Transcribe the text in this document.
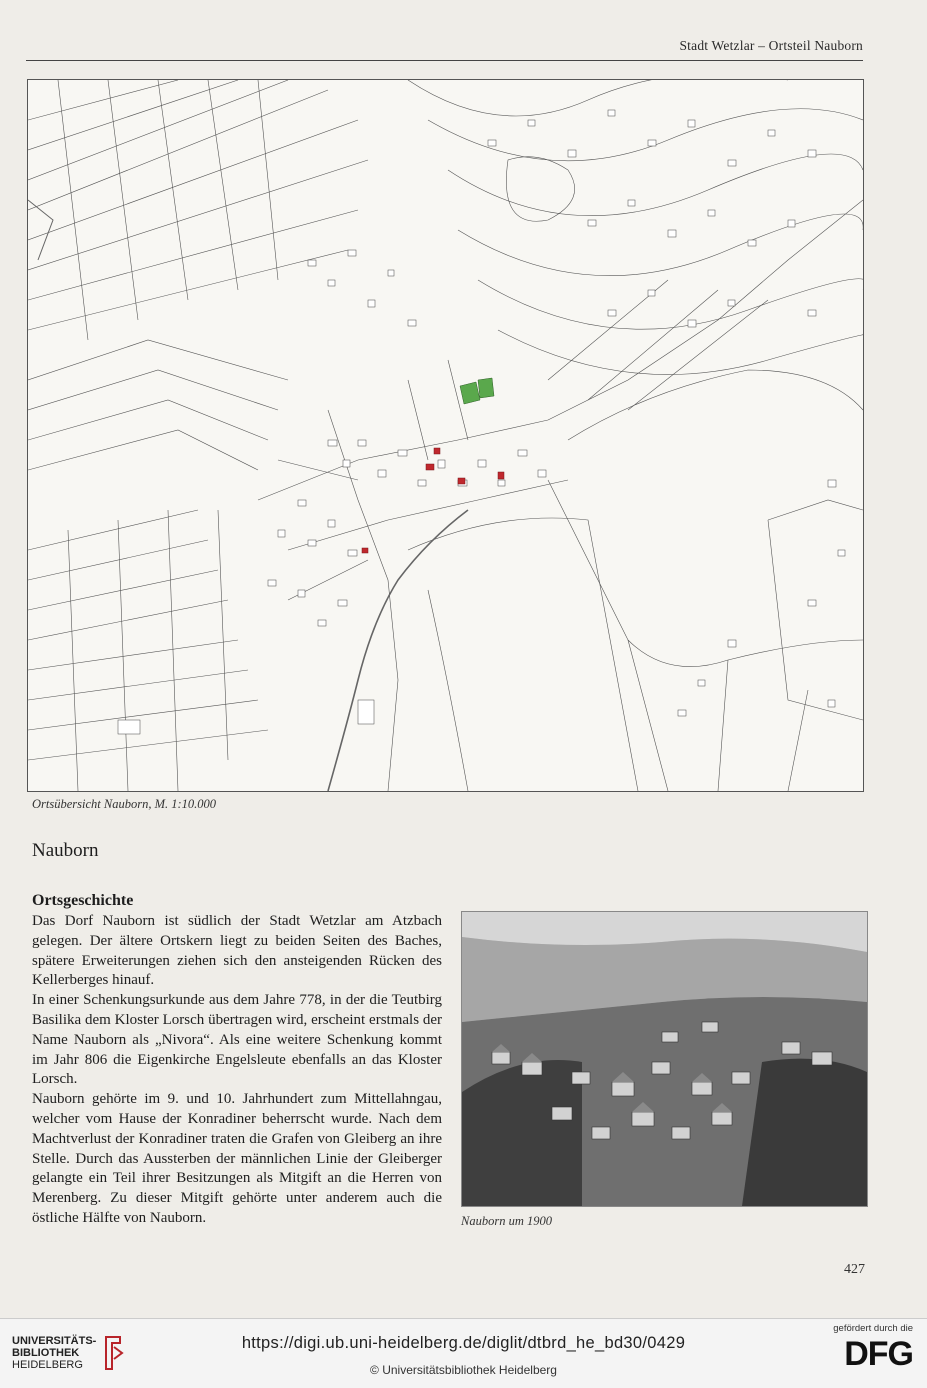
Stadt Wetzlar – Ortsteil Nauborn
Ortsübersicht Nauborn, M. 1:10.000
Nauborn
Ortsgeschichte

Das Dorf Nauborn ist südlich der Stadt Wetzlar am Atzbach gelegen. Der ältere Ortskern liegt zu beiden Seiten des Baches, spätere Erweiterungen ziehen sich den ansteigenden Rücken des Kellerberges hinauf.

In einer Schenkungsurkunde aus dem Jahre 778, in der die Teutbirg Basilika dem Kloster Lorsch übertragen wird, erscheint erstmals der Name Nauborn als „Nivora“. Als eine weitere Schenkung kommt im Jahr 806 die Eigenkirche Engelsleute ebenfalls an das Kloster Lorsch.

Nauborn gehörte im 9. und 10. Jahrhundert zum Mittellahngau, welcher vom Hause der Konradiner beherrscht wurde. Nach dem Machtverlust der Konradiner traten die Grafen von Gleiberg an ihre Stelle. Durch das Aussterben der männlichen Linie der Gleiberger gelangte ein Teil ihrer Besitzungen als Mitgift an die Herren von Merenberg. Zu dieser Mitgift gehörte unter anderem auch die östliche Hälfte von Nauborn.	Nauborn um 1900
427
UNIVERSITÄTS-
BIBLIOTHEK
HEIDELBERG
https://digi.ub.uni-heidelberg.de/diglit/dtbrd_he_bd30/0429
© Universitätsbibliothek Heidelberg
gefördert durch die
DFG
